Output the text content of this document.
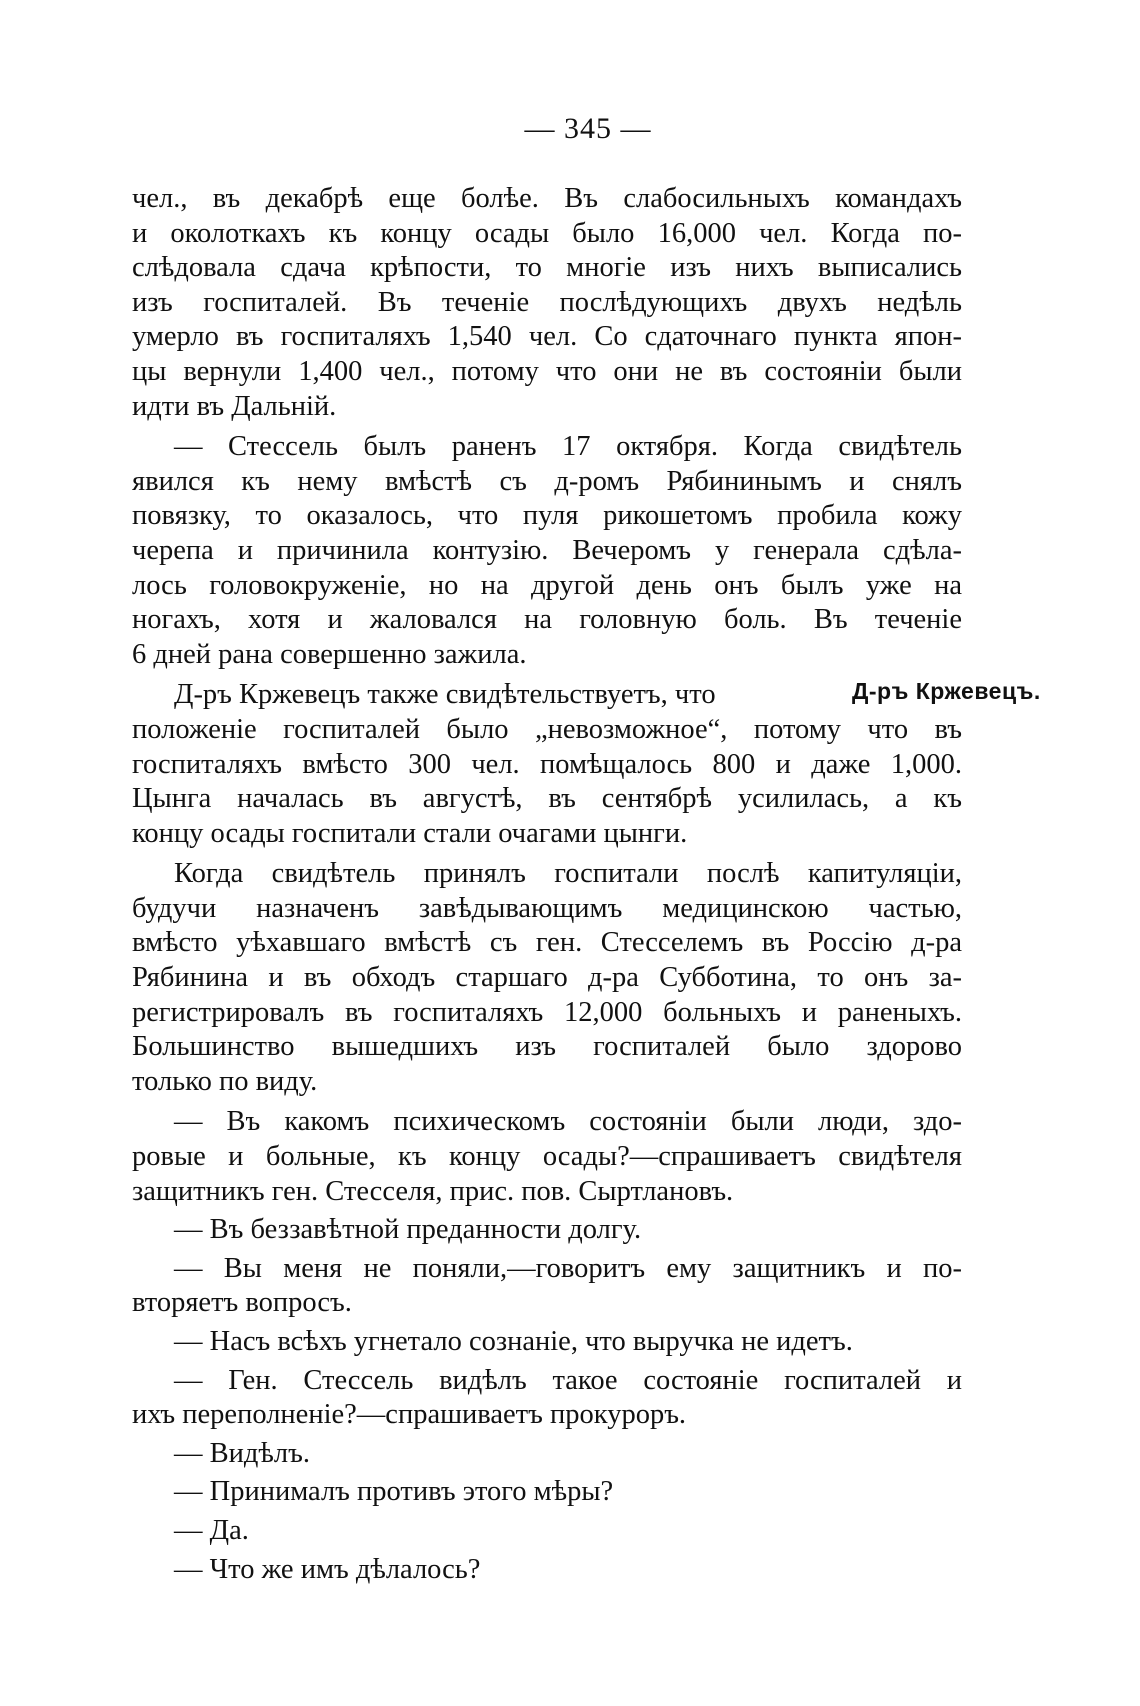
— 345 —
чел., въ декабрѣ еще болѣе. Въ слабосильныхъ командахъ
и околоткахъ къ концу осады было 16,000 чел. Когда по-
слѣдовала сдача крѣпости, то многіе изъ нихъ выписались
изъ госпиталей. Въ теченіе послѣдующихъ двухъ недѣль
умерло въ госпиталяхъ 1,540 чел. Со сдаточнаго пункта япон-
цы вернули 1,400 чел., потому что они не въ состояніи были
идти въ Дальній.
— Стессель былъ раненъ 17 октября. Когда свидѣтель
явился къ нему вмѣстѣ съ д-ромъ Рябининымъ и снялъ
повязку, то оказалось, что пуля рикошетомъ пробила кожу
черепа и причинила контузію. Вечеромъ у генерала сдѣла-
лось головокруженіе, но на другой день онъ былъ уже на
ногахъ, хотя и жаловался на головную боль. Въ теченіе
6 дней рана совершенно зажила.
Д-ръ Кржевецъ также свидѣтельствуетъ, что
положеніе госпиталей было „невозможное“, потому что въ
госпиталяхъ вмѣсто 300 чел. помѣщалось 800 и даже 1,000.
Цынга началась въ августѣ, въ сентябрѣ усилилась, а къ
концу осады госпитали стали очагами цынги.
Когда свидѣтель принялъ госпитали послѣ капитуляціи,
будучи назначенъ завѣдывающимъ медицинскою частью,
вмѣсто уѣхавшаго вмѣстѣ съ ген. Стесселемъ въ Россію д-ра
Рябинина и въ обходъ старшаго д-ра Субботина, то онъ за-
регистрировалъ въ госпиталяхъ 12,000 больныхъ и раненыхъ.
Большинство вышедшихъ изъ госпиталей было здорово
только по виду.
— Въ какомъ психическомъ состояніи были люди, здо-
ровые и больные, къ концу осады?—спрашиваетъ свидѣтеля
защитникъ ген. Стесселя, прис. пов. Сыртлановъ.
— Въ беззавѣтной преданности долгу.
— Вы меня не поняли,—говоритъ ему защитникъ и по-
вторяетъ вопросъ.
— Насъ всѣхъ угнетало сознаніе, что выручка не идетъ.
— Ген. Стессель видѣлъ такое состояніе госпиталей и
ихъ переполненіе?—спрашиваетъ прокуроръ.
— Видѣлъ.
— Принималъ противъ этого мѣры?
— Да.
— Что же имъ дѣлалось?
Д-ръ Кржевецъ.
